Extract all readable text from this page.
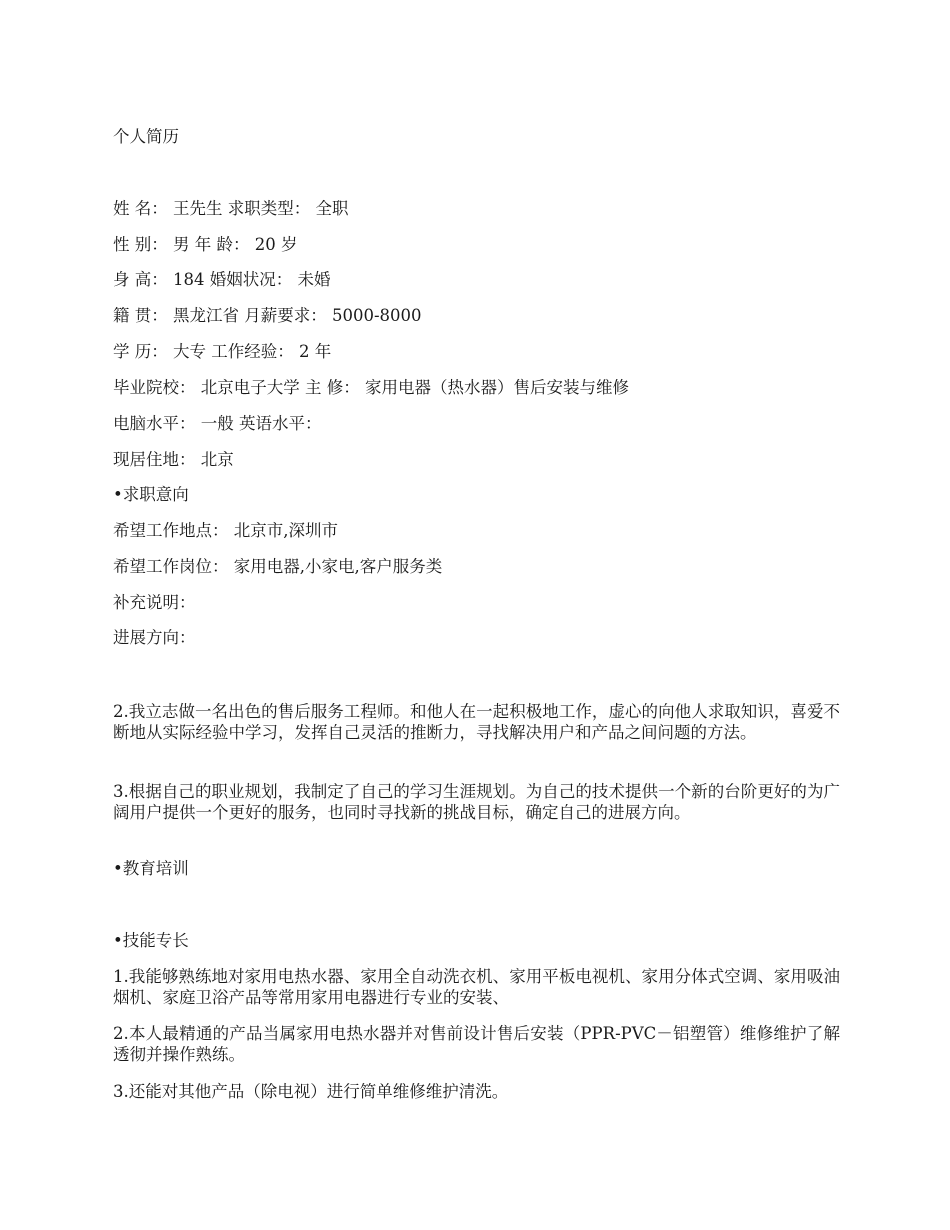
个人简历
姓 名： 王先生 求职类型： 全职
性 别： 男 年 龄： 20 岁
身 高： 184 婚姻状况： 未婚
籍 贯： 黑龙江省 月薪要求： 5000-8000
学 历： 大专 工作经验： 2 年
毕业院校： 北京电子大学 主 修： 家用电器（热水器）售后安装与维修
电脑水平： 一般 英语水平：
现居住地： 北京
•求职意向
希望工作地点： 北京市,深圳市
希望工作岗位： 家用电器,小家电,客户服务类
补充说明：
进展方向：
2.我立志做一名出色的售后服务工程师。和他人在一起积极地工作，虚心的向他人求取知识，喜爱不断地从实际经验中学习，发挥自己灵活的推断力，寻找解决用户和产品之间问题的方法。
3.根据自己的职业规划，我制定了自己的学习生涯规划。为自己的技术提供一个新的台阶更好的为广阔用户提供一个更好的服务，也同时寻找新的挑战目标，确定自己的进展方向。
•教育培训
•技能专长
1.我能够熟练地对家用电热水器、家用全自动洗衣机、家用平板电视机、家用分体式空调、家用吸油烟机、家庭卫浴产品等常用家用电器进行专业的安装、
2.本人最精通的产品当属家用电热水器并对售前设计售后安装（PPR-PVC－铝塑管）维修维护了解透彻并操作熟练。
3.还能对其他产品（除电视）进行简单维修维护清洗。
